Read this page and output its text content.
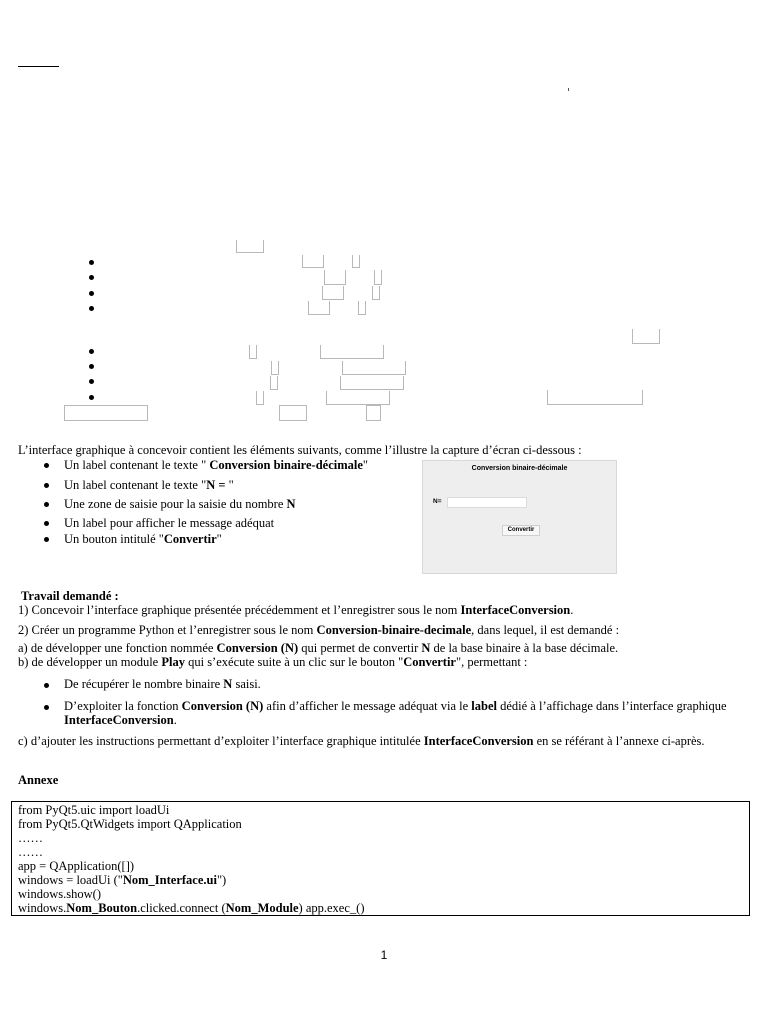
L’interface graphique à concevoir contient les éléments suivants, comme l’illustre la capture d’écran ci-dessous :
Un label contenant le texte " Conversion binaire-décimale"
Un label contenant le texte "N = "
Une zone de saisie pour la saisie du nombre N
Un label pour afficher le message adéquat
Un bouton intitulé "Convertir"
Conversion binaire-décimale
N=
Convertir
Travail demandé :
1) Concevoir l’interface graphique présentée précédemment et l’enregistrer sous le nom InterfaceConversion.
2) Créer un programme Python et l’enregistrer sous le nom Conversion-binaire-decimale, dans lequel, il est demandé :
a) de développer une fonction nommée Conversion (N) qui permet de convertir N de la base binaire à la base décimale.
b) de développer un module Play qui s’exécute suite à un clic sur le bouton "Convertir", permettant :
De récupérer le nombre binaire N saisi.
D’exploiter la fonction Conversion (N) afin d’afficher le message adéquat via le label dédié à l’affichage dans l’interface graphique
InterfaceConversion.
c) d’ajouter les instructions permettant d’exploiter l’interface graphique intitulée InterfaceConversion en se référant à l’annexe ci-après.
Annexe
from PyQt5.uic import loadUi
from PyQt5.QtWidgets import QApplication
……
……
app = QApplication([])
windows = loadUi ("Nom_Interface.ui")
windows.show()
windows.Nom_Bouton.clicked.connect (Nom_Module) app.exec_()
1
